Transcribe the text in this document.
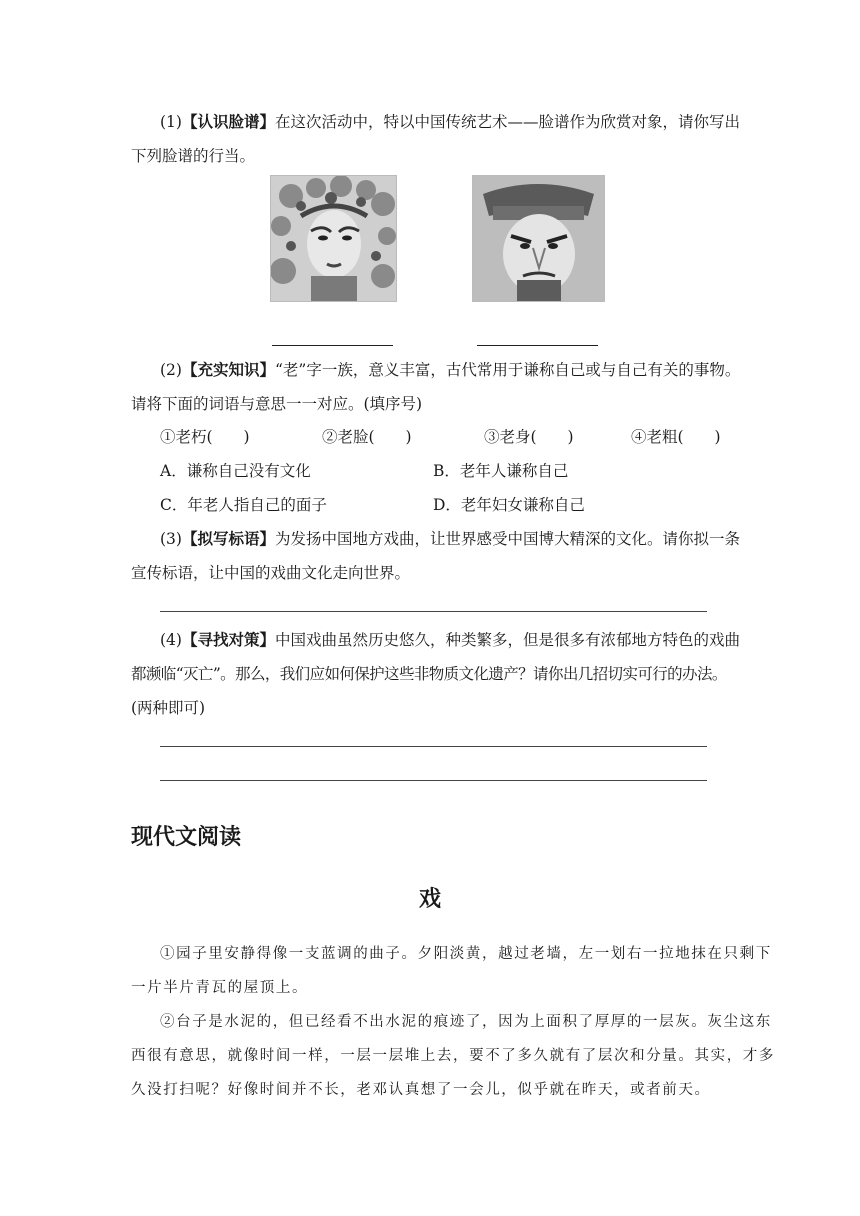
(1)【认识脸谱】在这次活动中，特以中国传统艺术——脸谱作为欣赏对象，请你写出
下列脸谱的行当。
(2)【充实知识】“老”字一族，意义丰富，古代常用于谦称自己或与自己有关的事物。
请将下面的词语与意思一一对应。(填序号)
①老朽(　　)	②老脸(　　)	③老身(　　)	④老粗(　　)
A．谦称自己没有文化	B．老年人谦称自己
C．年老人指自己的面子	D．老年妇女谦称自己
(3)【拟写标语】为发扬中国地方戏曲，让世界感受中国博大精深的文化。请你拟一条
宣传标语，让中国的戏曲文化走向世界。
(4)【寻找对策】中国戏曲虽然历史悠久，种类繁多，但是很多有浓郁地方特色的戏曲
都濒临“灭亡”。那么，我们应如何保护这些非物质文化遗产？请你出几招切实可行的办法。
(两种即可)
现代文阅读
戏
①园子里安静得像一支蓝调的曲子。夕阳淡黄，越过老墙，左一划右一拉地抹在只剩下
一片半片青瓦的屋顶上。
②台子是水泥的，但已经看不出水泥的痕迹了，因为上面积了厚厚的一层灰。灰尘这东
西很有意思，就像时间一样，一层一层堆上去，要不了多久就有了层次和分量。其实，才多
久没打扫呢？好像时间并不长，老邓认真想了一会儿，似乎就在昨天，或者前天。
